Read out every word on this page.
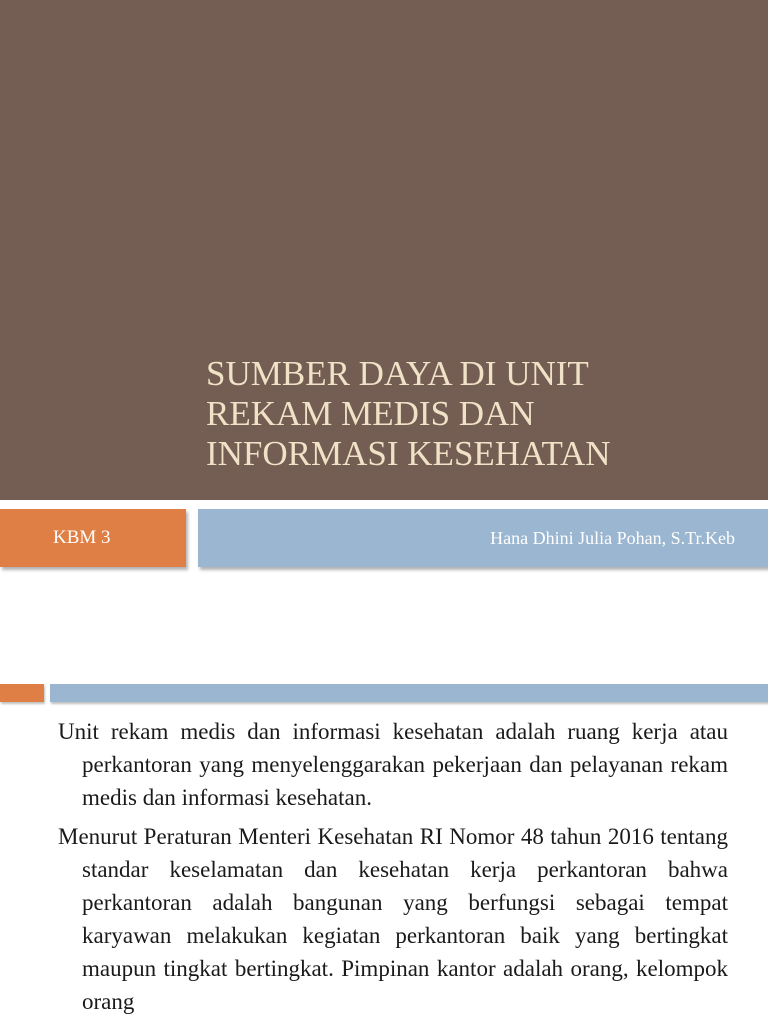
SUMBER DAYA DI UNIT
REKAM MEDIS DAN
INFORMASI KESEHATAN
KBM 3	Hana Dhini Julia Pohan, S.Tr.Keb

Unit rekam medis dan informasi kesehatan adalah ruang kerja atau perkantoran yang menyelenggarakan pekerjaan dan pelayanan rekam medis dan informasi kesehatan.

Menurut Peraturan Menteri Kesehatan RI Nomor 48 tahun 2016 tentang standar keselamatan dan kesehatan kerja perkantoran bahwa perkantoran adalah bangunan yang berfungsi sebagai tempat karyawan melakukan kegiatan perkantoran baik yang bertingkat maupun tingkat bertingkat. Pimpinan kantor adalah orang, kelompok orang
